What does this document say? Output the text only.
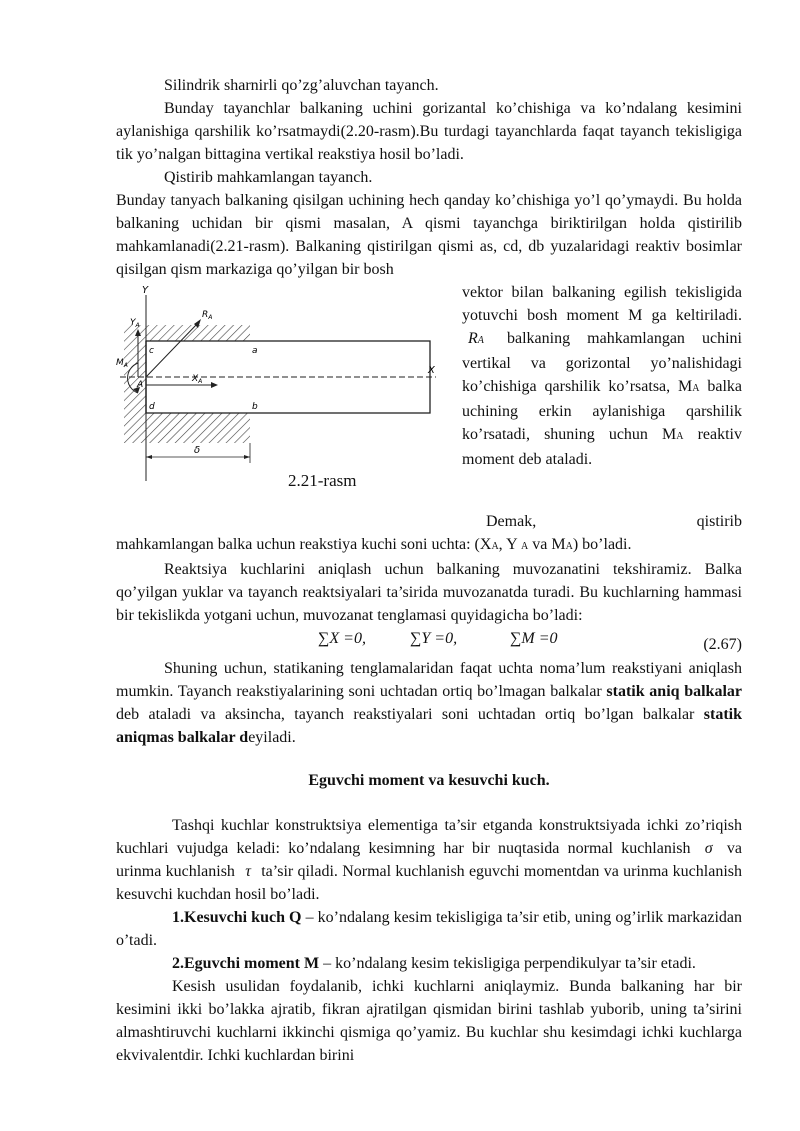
Silindrik sharnirli qo’zg’aluvchan tayanch.

Bunday tayanchlar balkaning uchini gorizantal ko’chishiga va ko’ndalang kesimini aylanishiga qarshilik ko’rsatmaydi(2.20-rasm).Bu turdagi tayanchlarda faqat tayanch tekisligiga tik yo’nalgan bittagina vertikal reakstiya hosil bo’ladi.

Qistirib mahkamlangan tayanch.

Bunday tanyach balkaning qisilgan uchining hech qanday ko’chishiga yo’l qo’ymaydi. Bu holda balkaning uchidan bir qismi masalan, A qismi tayanchga biriktirilgan holda qistirilib mahkamlanadi(2.21-rasm). Balkaning qistirilgan qismi as, cd, db yuzalaridagi reaktiv bosimlar qisilgan qism markaziga qo’yilgan bir bosh

Y
X
$Y_A$
$R_A$
$M_A$
$X_A$
c
A
d
a
b
δ
2.21-rasm
vektor bilan balkaning egilish tekisligida yotuvchi bosh moment M ga keltiriladi. RA balkaning mahkamlangan uchini vertikal va gorizontal yo’nalishidagi ko’chishiga qarshilik ko’rsatsa, MA balka uchining erkin aylanishiga qarshilik ko’rsatadi, shuning uchun MA reaktiv moment deb ataladi.

Demak,	qistirib
mahkamlangan balka uchun reakstiya kuchi soni uchta: (XA, Y A va MA) bo’ladi.

Reaktsiya kuchlarini aniqlash uchun balkaning muvozanatini tekshiramiz. Balka qo’yilgan yuklar va tayanch reaktsiyalari ta’sirida muvozanatda turadi. Bu kuchlarning hammasi bir tekislikda yotgani uchun, muvozanat tenglamasi quyidagicha bo’ladi:

∑X =0,	∑Y =0,	∑M =0	(2.67)

Shuning uchun, statikaning tenglamalaridan faqat uchta noma’lum reakstiyani aniqlash mumkin. Tayanch reakstiyalarining soni uchtadan ortiq bo’lmagan balkalar statik aniq balkalar deb ataladi va aksincha, tayanch reakstiyalari soni uchtadan ortiq bo’lgan balkalar statik aniqmas balkalar deyiladi.

Eguvchi moment va kesuvchi kuch.

Tashqi kuchlar konstruktsiya elementiga ta’sir etganda konstruktsiyada ichki zo’riqish kuchlari vujudga keladi: ko’ndalang kesimning har bir nuqtasida normal kuchlanish σ va urinma kuchlanish τ ta’sir qiladi. Normal kuchlanish eguvchi momentdan va urinma kuchlanish kesuvchi kuchdan hosil bo’ladi.

1.Kesuvchi kuch Q – ko’ndalang kesim tekisligiga ta’sir etib, uning og’irlik markazidan o’tadi.

2.Eguvchi moment M – ko’ndalang kesim tekisligiga perpendikulyar ta’sir etadi.

Kesish usulidan foydalanib, ichki kuchlarni aniqlaymiz. Bunda balkaning har bir kesimini ikki bo’lakka ajratib, fikran ajratilgan qismidan birini tashlab yuborib, uning ta’sirini almashtiruvchi kuchlarni ikkinchi qismiga qo’yamiz. Bu kuchlar shu kesimdagi ichki kuchlarga ekvivalentdir. Ichki kuchlardan birini
